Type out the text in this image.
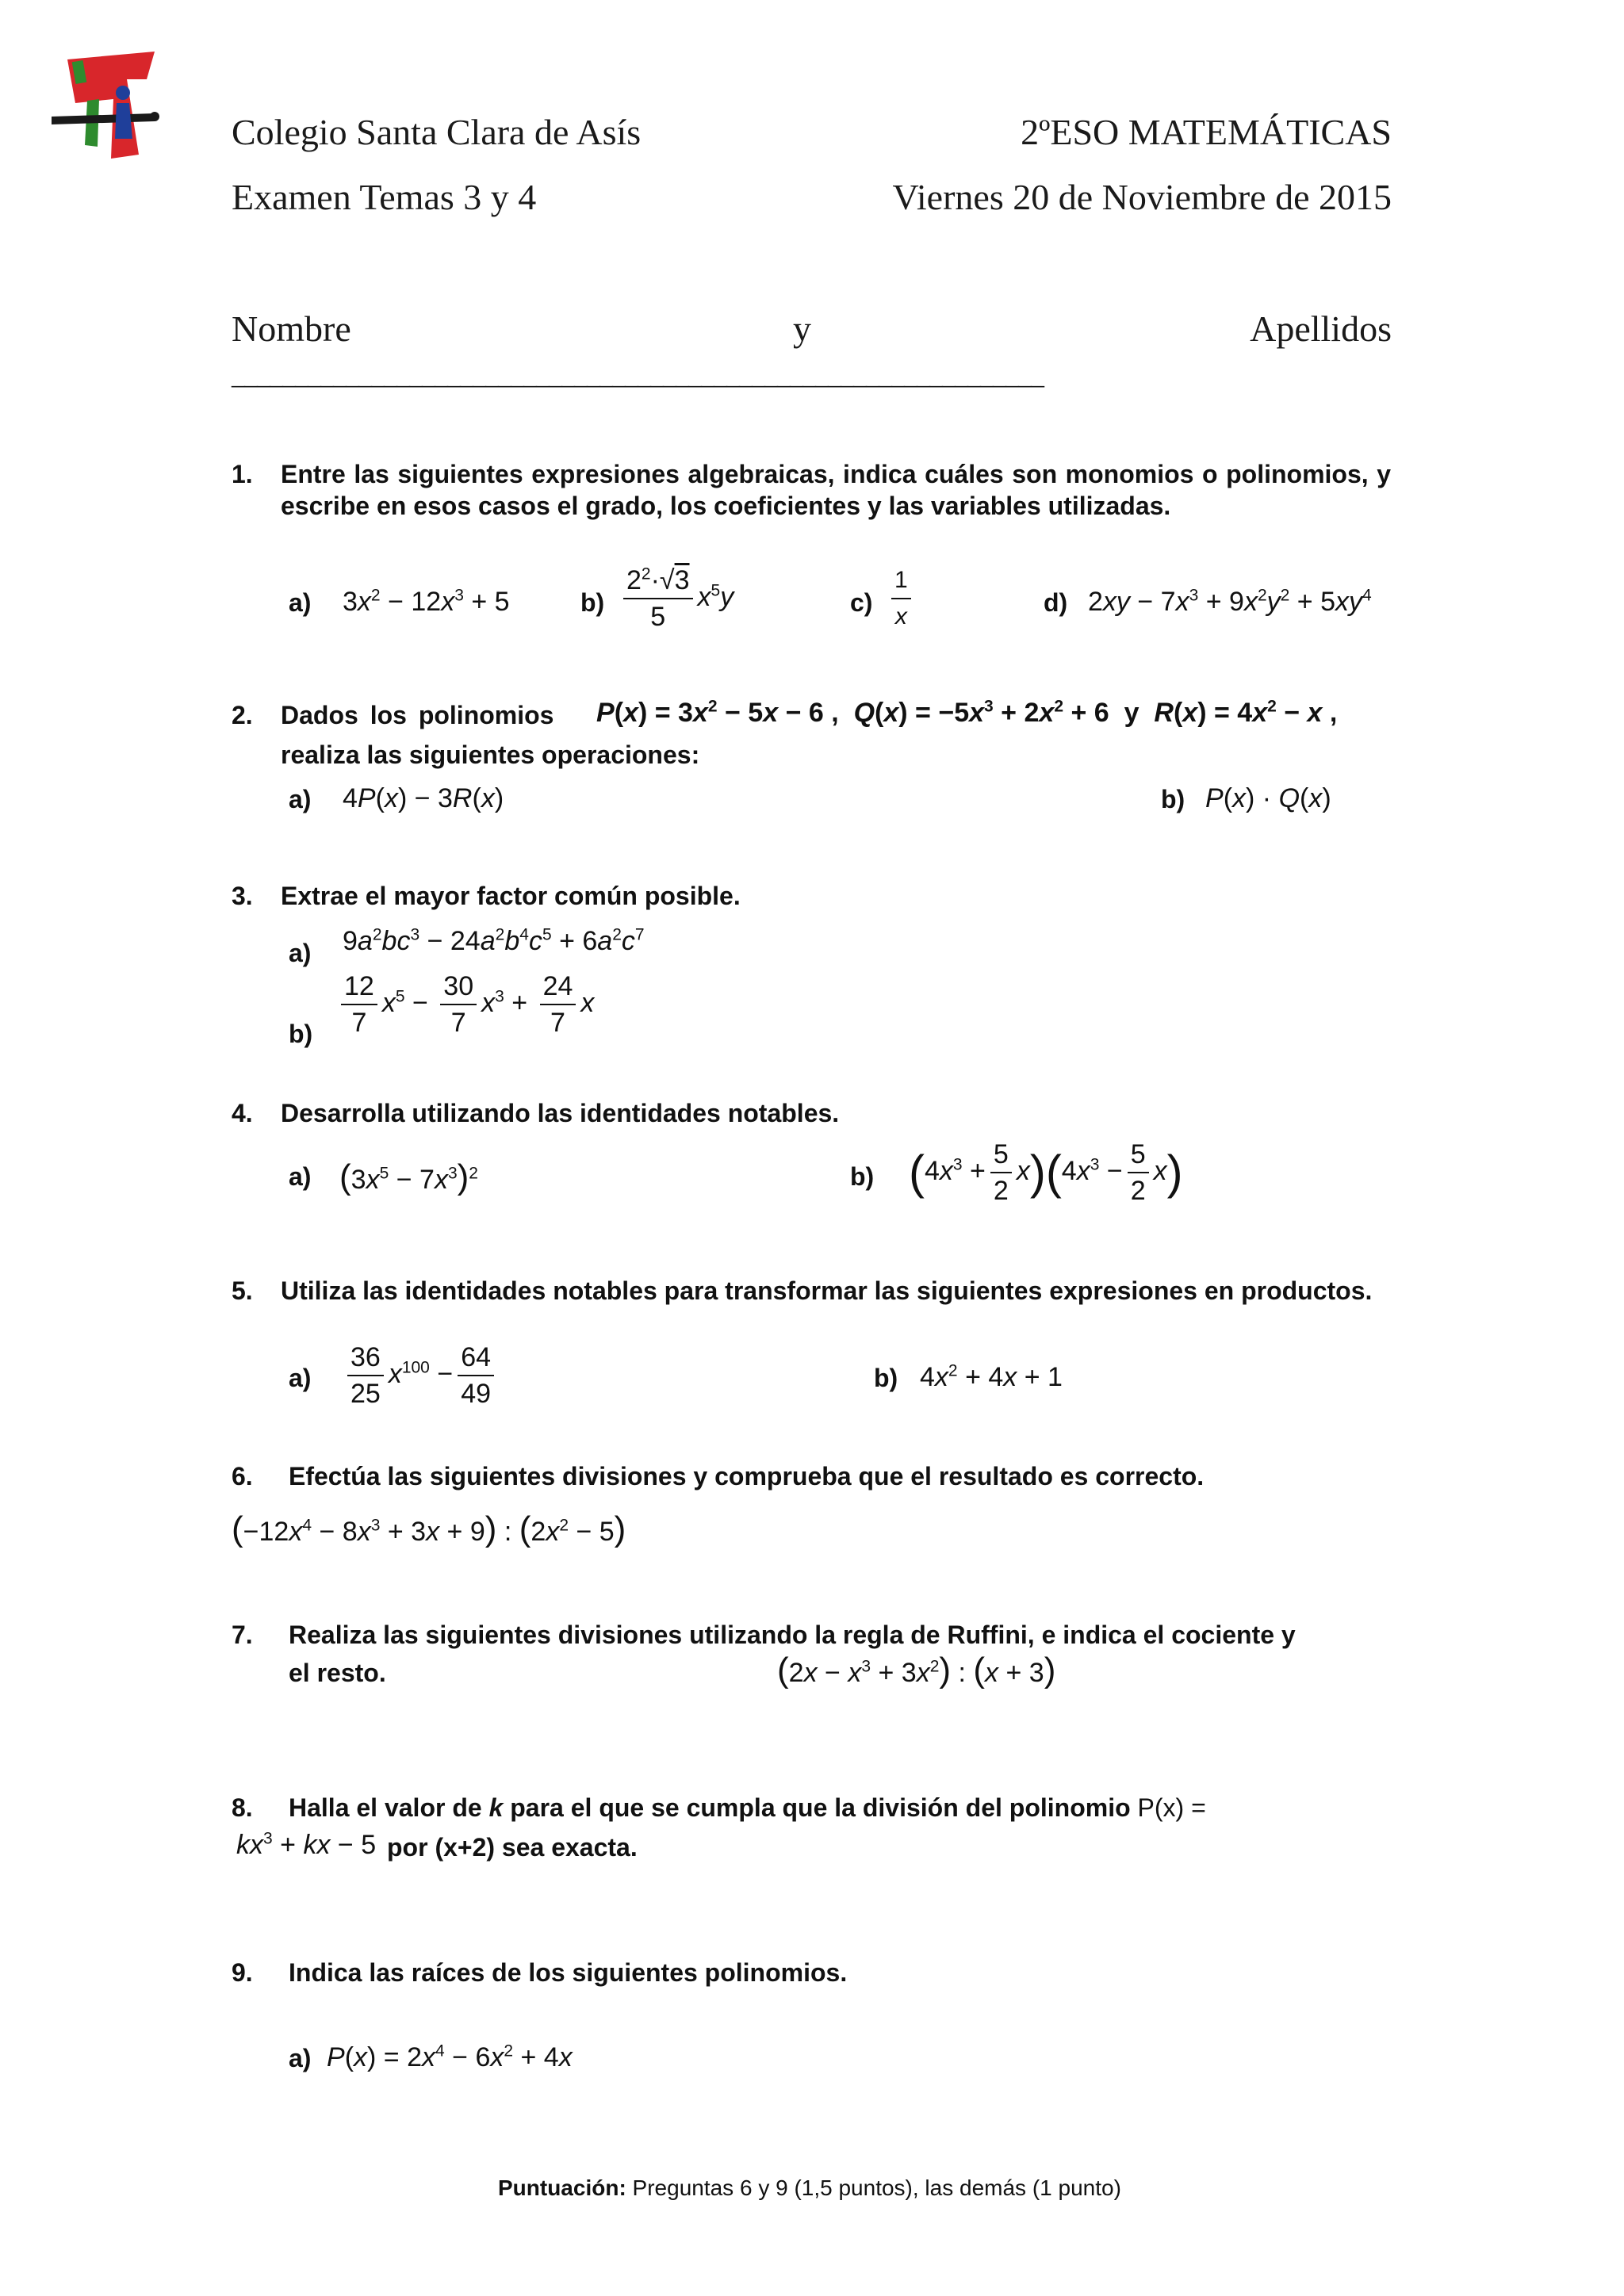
Colegio Santa Clara de Asís	2ºESO MATEMÁTICAS
Examen Temas 3 y 4	Viernes 20 de Noviembre de 2015
Nombre	y	Apellidos
________________________________________________________________
1. Entre las siguientes expresiones algebraicas, indica cuáles son monomios o polinomios, y escribe en esos casos el grado, los coeficientes y las variables utilizadas.
a) $3x^2 - 12x^3 + 5$	$b) \frac{2^2\cdot√3}{5} x^5y$	$c) \frac{1}{x}$	d) $2xy - 7x^3 + 9x^2y^2 + 5xy^4$
2. Dados los polinomios $P(x) = 3x^2 - 5x - 6$ ,  $Q(x) = -5x^3 + 2x^2 + 6$ y  $R(x) = 4x^2 - x$ ,
realiza las siguientes operaciones:
a) 4P(x) − 3R(x)	b) P(x) · Q(x)
3. Extrae el mayor factor común posible.
a) $9a^2bc^3 - 24a^2b^4c^5 + 6a^2c^7$
$b) \frac{12}{7} x^5 - \frac{30}{7} x^3 + \frac{24}{7}$ x
4. Desarrolla utilizando las identidades notables.
a) $(3x^5 - 7x^3)^2$	b) $(4x^3 + \frac{5}{2} x)(4x^3 - \frac{5}{2} x)$
5. Utiliza las identidades notables para transformar las siguientes expresiones en productos.
$a) \frac{36}{25} x^{100} - \frac{64}{49}$	b) $4x^2 + 4x + 1$
6. Efectúa las siguientes divisiones y comprueba que el resultado es correcto.
$(-12x^4 - 8x^3 + 3x + 9)$ : $(2x^2 - 5)$
7. Realiza las siguientes divisiones utilizando la regla de Ruffini, e indica el cociente y
el resto.	$(2x - x^3 + 3x^2)$ : (x + 3)
8. Halla el valor de k para el que se cumpla que la división del polinomio P(x) =
$kx^3$ + kx − 5 por (x+2) sea exacta.
9. Indica las raíces de los siguientes polinomios.
a) $P(x) = 2x^4 - 6x^2 + 4x$
Puntuación: Preguntas 6 y 9 (1,5 puntos), las demás (1 punto)
